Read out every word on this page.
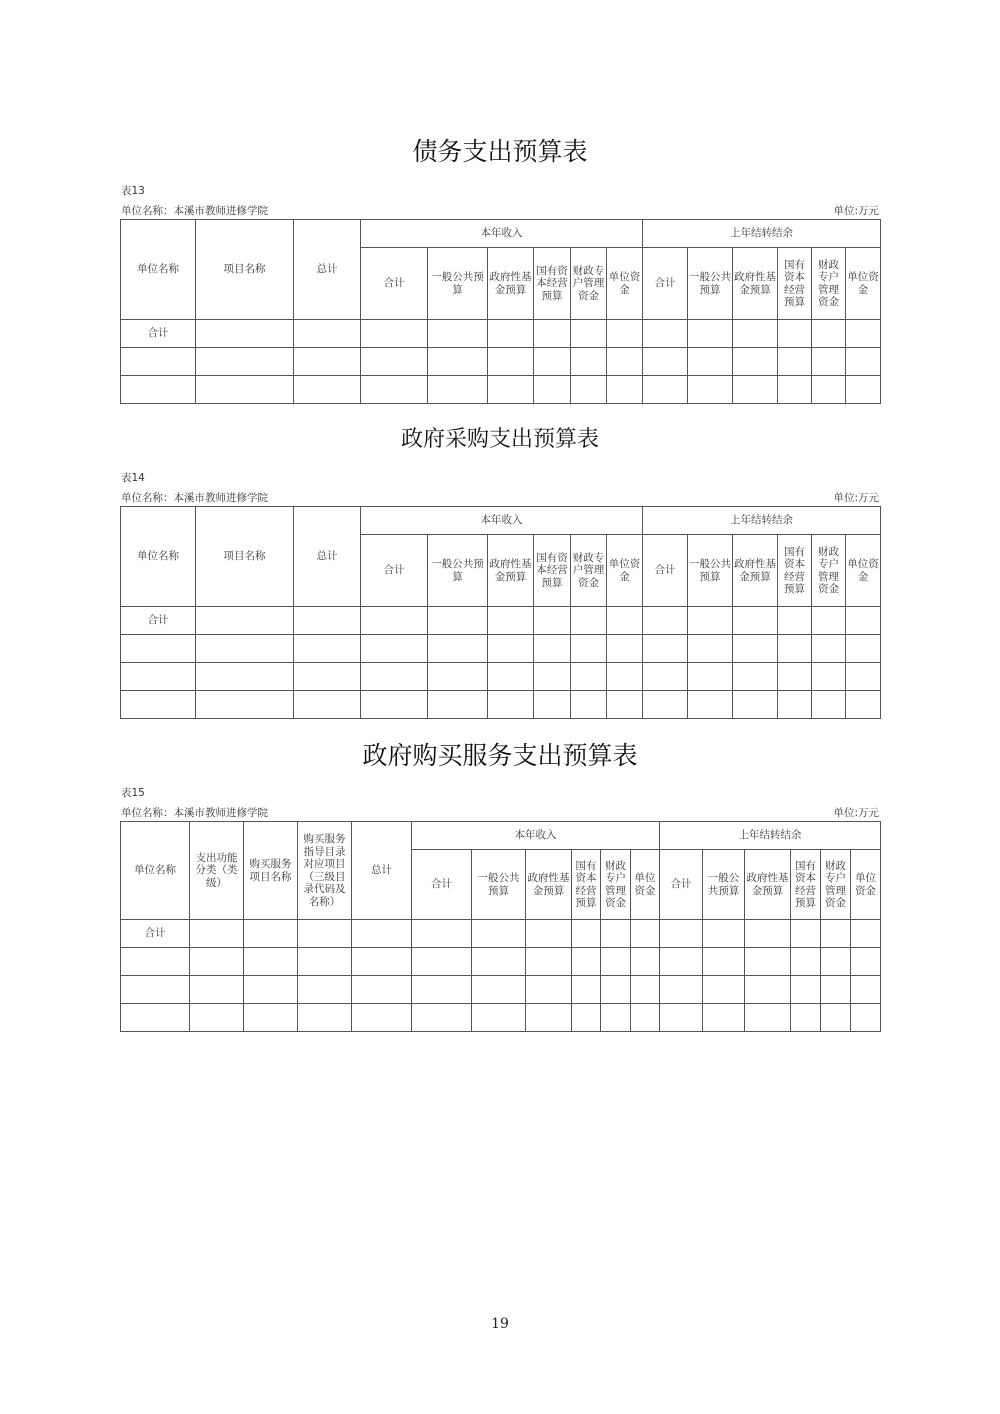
债务支出预算表
表13
单位名称：本溪市教师进修学院	单位:万元
单位名称	项目名称	总计	本年收入						上年结转结余					
			合计	一般公共预算	政府性基金预算	国有资本经营预算	财政专户管理资金	单位资金	合计	一般公共预算	政府性基金预算	国有资本经营预算	财政专户管理资金	单位资金
合计														

政府采购支出预算表
表14
单位名称：本溪市教师进修学院	单位:万元
单位名称	项目名称	总计	本年收入						上年结转结余					
			合计	一般公共预算	政府性基金预算	国有资本经营预算	财政专户管理资金	单位资金	合计	一般公共预算	政府性基金预算	国有资本经营预算	财政专户管理资金	单位资金
合计														

政府购买服务支出预算表
表15
单位名称：本溪市教师进修学院	单位:万元
单位名称	支出功能分类（类级）	购买服务项目名称	购买服务指导目录对应项目（三级目录代码及名称）	总计	本年收入						上年结转结余					
					合计	一般公共预算	政府性基金预算	国有资本经营预算	财政专户管理资金	单位资金	合计	一般公共预算	政府性基金预算	国有资本经营预算	财政专户管理资金	单位资金
合计																

19
